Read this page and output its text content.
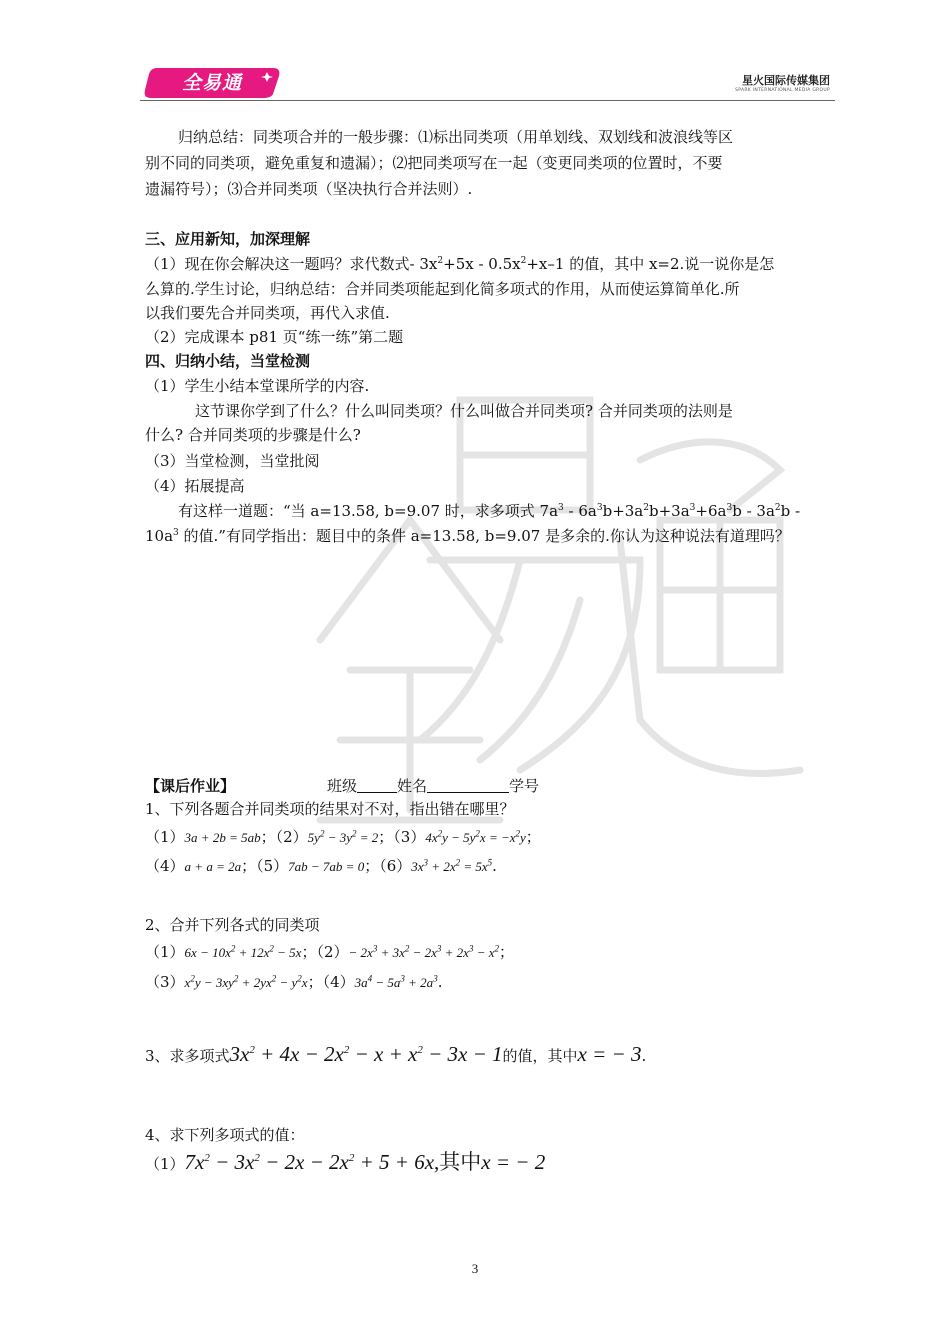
全易通	星火国际传媒集团
SPARK INTERNATIONAL MEDIA GROUP
归纳总结：同类项合并的一般步骤：⑴标出同类项（用单划线、双划线和波浪线等区
别不同的同类项，避免重复和遗漏）；⑵把同类项写在一起（变更同类项的位置时，不要
遗漏符号）；⑶合并同类项（坚决执行合并法则）.
三、应用新知，加深理解
（1）现在你会解决这一题吗？求代数式- $3x^2+5x - 0.5x^2+x-1$ 的值，其中 x=2.说一说你是怎
么算的.学生讨论，归纳总结：合并同类项能起到化简多项式的作用，从而使运算简单化.所
以我们要先合并同类项，再代入求值.
（2）完成课本 p81 页“练一练”第二题
四、归纳小结，当堂检测
（1）学生小结本堂课所学的内容.
这节课你学到了什么？什么叫同类项？什么叫做合并同类项? 合并同类项的法则是
什么? 合并同类项的步骤是什么?
（3）当堂检测，当堂批阅
（4）拓展提高
有这样一道题：“当 a=13.58, b=9.07 时，求多项式 $7a^3 - 6a^3b+3a^2b+3a^3+6a^3b - 3a^2b$ -
$10a^3$ 的值.”有同学指出：题目中的条件 a=13.58, b=9.07 是多余的.你认为这种说法有道理吗？
【课后作业】	班级	姓名	学号
1、下列各题合并同类项的结果对不对，指出错在哪里？
（1）3a + 2b = 5ab；$(2)5y^2 - 3y^2 = 2$；$(3)4x^2y - 5y^2x = -x^2y$；
（4）a + a = 2a；（5）7ab − 7ab = 0；$(6)3x^3 + 2x^2 = 5x^5$.
2、合并下列各式的同类项
$(1)6x - 10x^2 + 12x^2 - 5x$；$(2)- 2x^3 + 3x^2 - 2x^3 + 2x^3 - x^2$；
$(3)x^2y - 3xy^2 + 2yx^2 - y^2x$；$(4)3a^4 - 5a^3 + 2a^3$.
3、求多项式$3x^2 + 4x - 2x^2 - x + x^2 - 3x - 1$的值，其中x = − 3.
4、求下列多项式的值：
$(1)7x^2 - 3x^2 - 2x - 2x^2 + 5 + 6x$,其中x = − 2
3
